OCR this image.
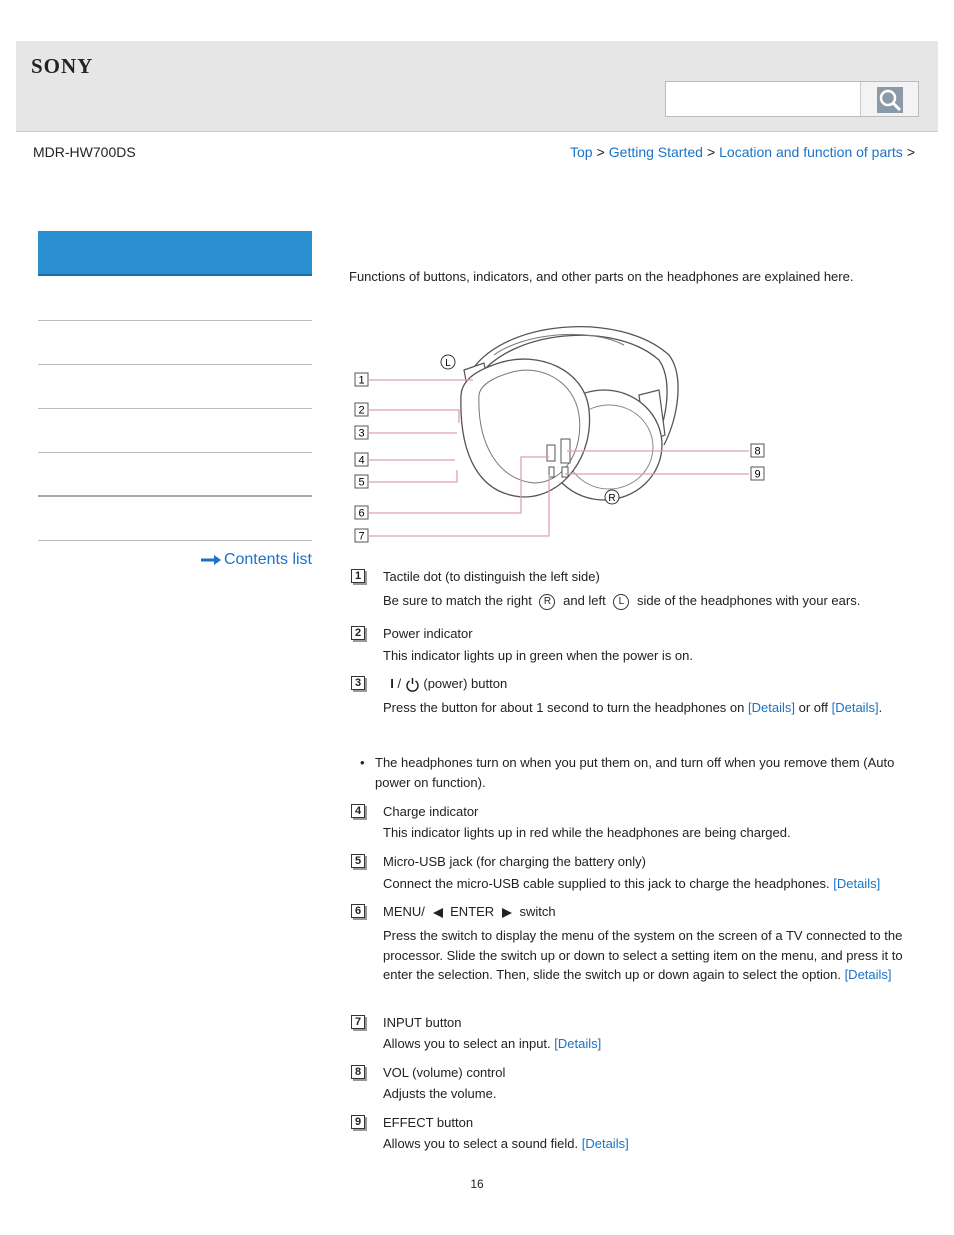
SONY
MDR-HW700DS	Top > Getting Started > Location and function of parts >
Contents list
Functions of buttons, indicators, and other parts on the headphones are explained here.
L
R
1
2
3
4
5
6
7
8
9
1	Tactile dot (to distinguish the left side)
Be sure to match the right R and left L side of the headphones with your ears.
2	Power indicator
This indicator lights up in green when the power is on.
3	I / (power) button
Press the button for about 1 second to turn the headphones on [Details] or off [Details].
• The headphones turn on when you put them on, and turn off when you remove them (Auto power on function).
4	Charge indicator
This indicator lights up in red while the headphones are being charged.
5	Micro-USB jack (for charging the battery only)
Connect the micro-USB cable supplied to this jack to charge the headphones. [Details]
6	MENU/ ENTER switch
Press the switch to display the menu of the system on the screen of a TV connected to the processor. Slide the switch up or down to select a setting item on the menu, and press it to enter the selection. Then, slide the switch up or down again to select the option. [Details]
7	INPUT button
Allows you to select an input. [Details]
8	VOL (volume) control
Adjusts the volume.
9	EFFECT button
Allows you to select a sound field. [Details]
16
